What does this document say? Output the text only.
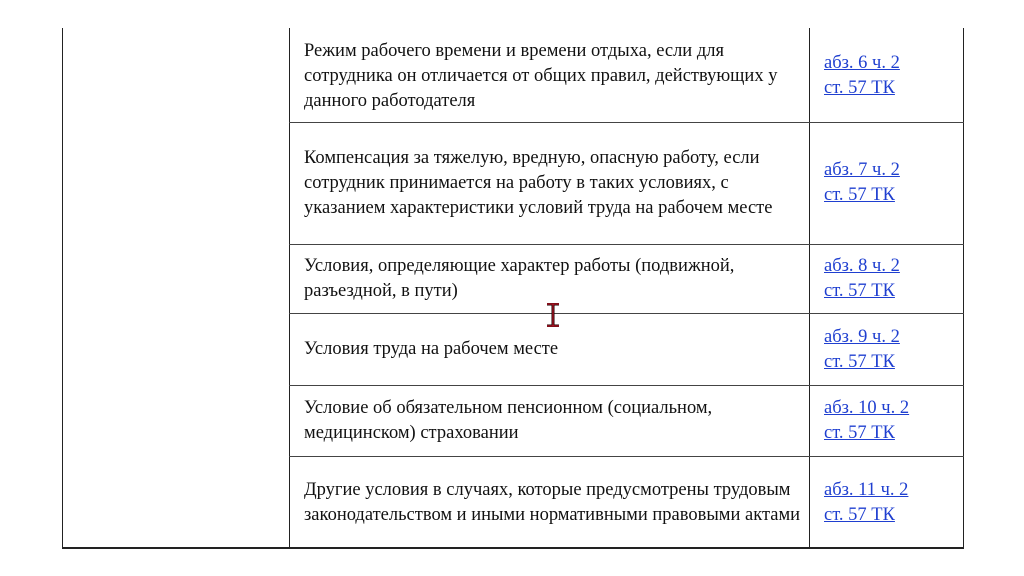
Режим рабочего времени и времени отдыха, если для сотрудника он отличается от общих правил, действующих у данного работодателя
абз. 6 ч. 2
ст. 57 ТК
Компенсация за тяжелую, вредную, опасную работу, если сотрудник принимается на работу в таких условиях, с указанием характеристики условий труда на рабочем месте
абз. 7 ч. 2
ст. 57 ТК
Условия, определяющие характер работы (подвижной, разъездной, в пути)
абз. 8 ч. 2
ст. 57 ТК
Условия труда на рабочем месте
абз. 9 ч. 2
ст. 57 ТК
Условие об обязательном пенсионном (социальном, медицинском) страховании
абз. 10 ч. 2
ст. 57 ТК
Другие условия в случаях, которые предусмотрены трудовым законодательством и иными нормативными правовыми актами
абз. 11 ч. 2
ст. 57 ТК
